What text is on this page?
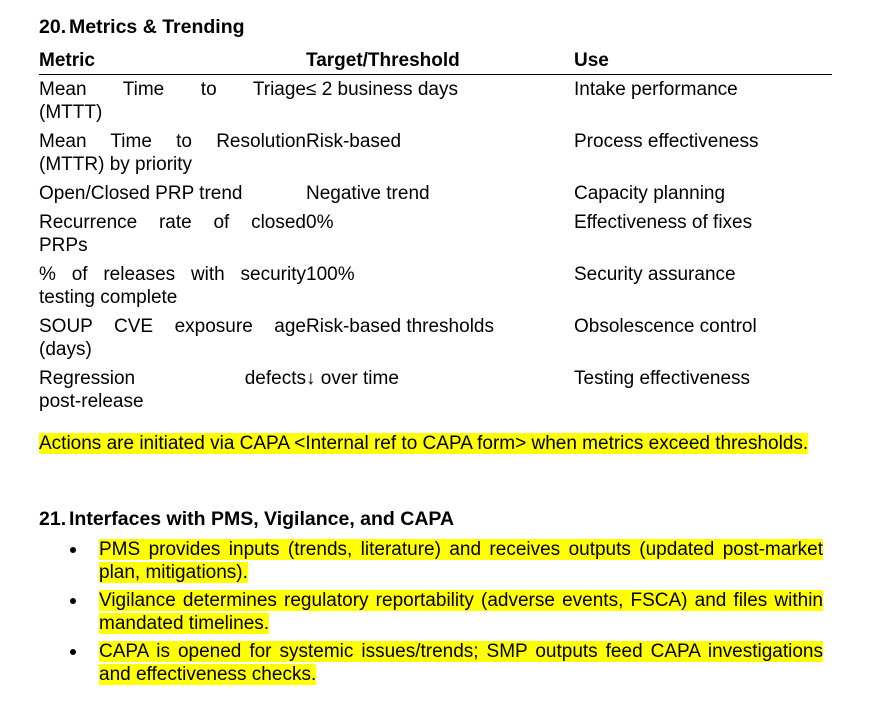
20. Metrics & Trending
Metric	Target/Threshold	Use

Mean Time to Triage
(MTTT)	≤ 2 business days	Intake performance

Mean Time to Resolution
(MTTR) by priority	Risk-based	Process effectiveness
Open/Closed PRP trend	Negative trend	Capacity planning

Recurrence rate of closed
PRPs	0%	Effectiveness of fixes

% of releases with security
testing complete	100%	Security assurance

SOUP CVE exposure age
(days)	Risk-based thresholds	Obsolescence control

Regression defects
post-release	↓ over time	Testing effectiveness
Actions are initiated via CAPA <Internal ref to CAPA form> when metrics exceed thresholds.
21. Interfaces with PMS, Vigilance, and CAPA
PMS provides inputs (trends, literature) and receives outputs (updated post-market plan, mitigations).
Vigilance determines regulatory reportability (adverse events, FSCA) and files within mandated timelines.
CAPA is opened for systemic issues/trends; SMP outputs feed CAPA investigations and effectiveness checks.
